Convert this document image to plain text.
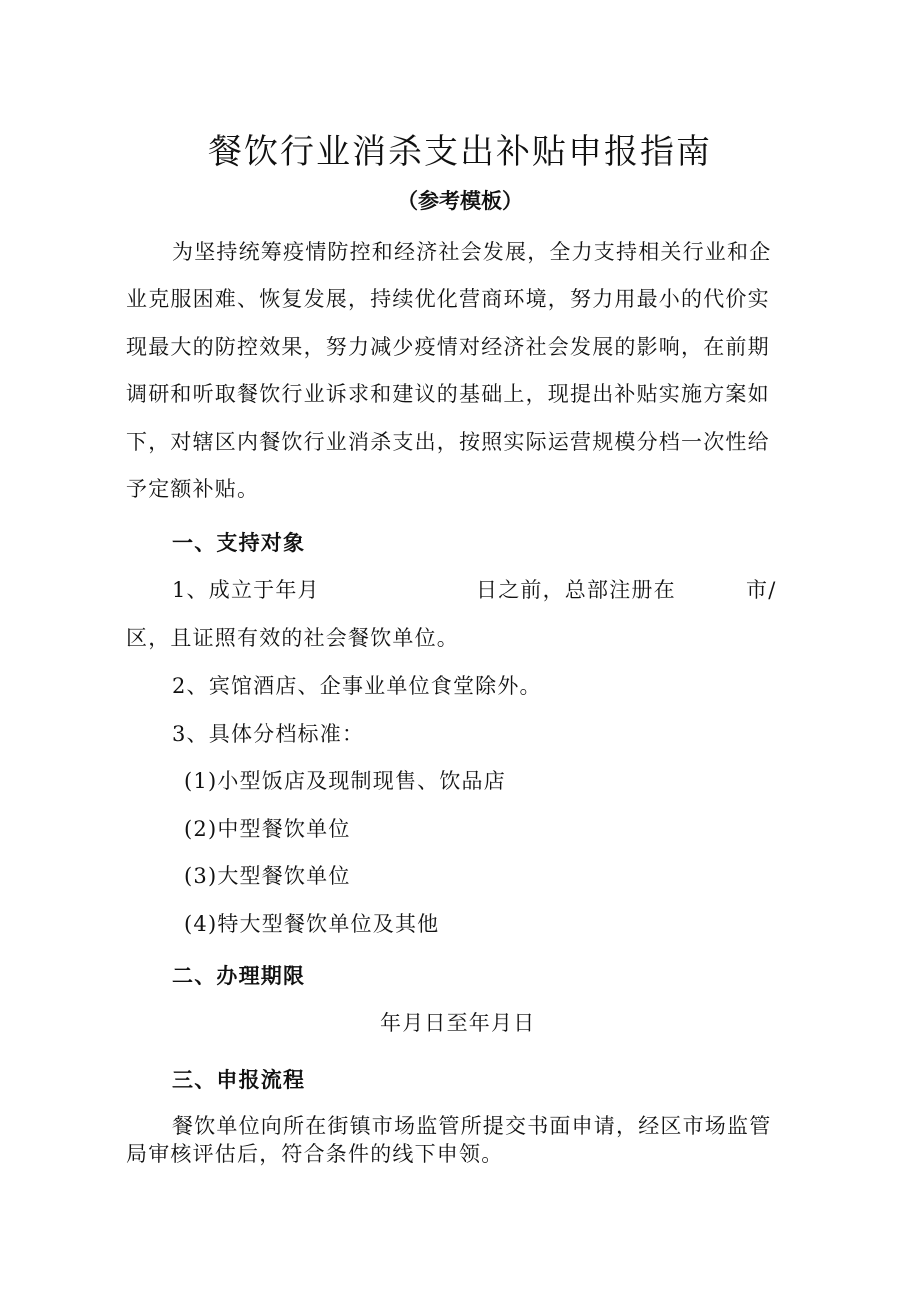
餐饮行业消杀支出补贴申报指南
（参考模板）
为坚持统筹疫情防控和经济社会发展，全力支持相关行业和企
业克服困难、恢复发展，持续优化营商环境，努力用最小的代价实
现最大的防控效果，努力减少疫情对经济社会发展的影响，在前期
调研和听取餐饮行业诉求和建议的基础上，现提出补贴实施方案如
下，对辖区内餐饮行业消杀支出，按照实际运营规模分档一次性给
予定额补贴。
一、支持对象
1、成立于年月	日之前，总部注册在	市/
区，且证照有效的社会餐饮单位。
2、宾馆酒店、企事业单位食堂除外。
3、具体分档标准：
(1)小型饭店及现制现售、饮品店
(2)中型餐饮单位
(3)大型餐饮单位
(4)特大型餐饮单位及其他
二、办理期限
年月日至年月日
三、申报流程
餐饮单位向所在街镇市场监管所提交书面申请，经区市场监管
局审核评估后，符合条件的线下申领。
